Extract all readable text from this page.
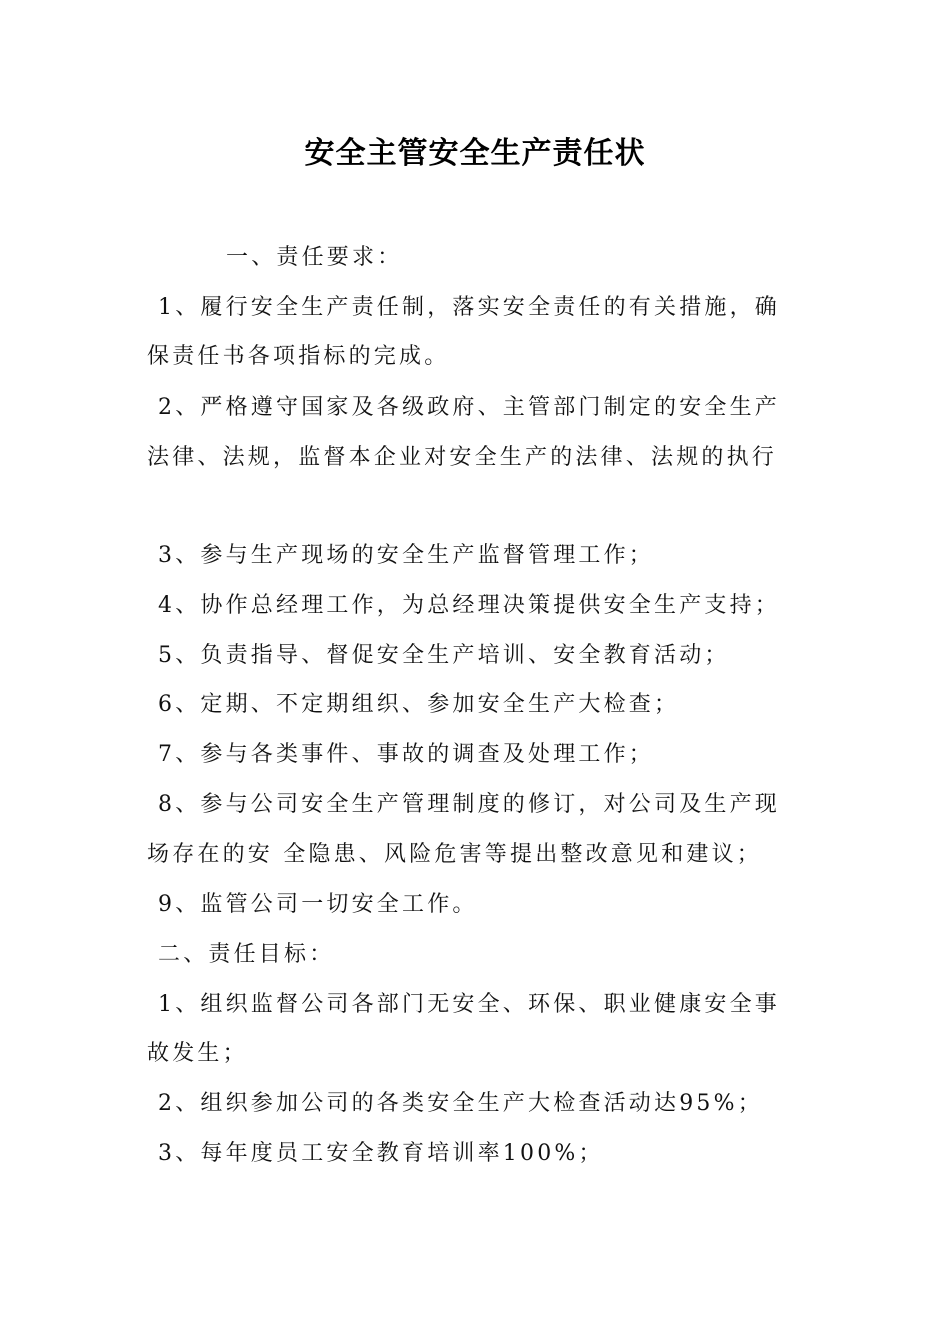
安全主管安全生产责任状
一、责任要求：
1、履行安全生产责任制，落实安全责任的有关措施，确
保责任书各项指标的完成。
2、严格遵守国家及各级政府、主管部门制定的安全生产
法律、法规，监督本企业对安全生产的法律、法规的执行
3、参与生产现场的安全生产监督管理工作；
4、协作总经理工作，为总经理决策提供安全生产支持；
5、负责指导、督促安全生产培训、安全教育活动；
6、定期、不定期组织、参加安全生产大检查；
7、参与各类事件、事故的调查及处理工作；
8、参与公司安全生产管理制度的修订，对公司及生产现
场存在的安 全隐患、风险危害等提出整改意见和建议；
9、监管公司一切安全工作。
二、责任目标：
1、组织监督公司各部门无安全、环保、职业健康安全事
故发生；
2、组织参加公司的各类安全生产大检查活动达95%；
3、每年度员工安全教育培训率100%；
